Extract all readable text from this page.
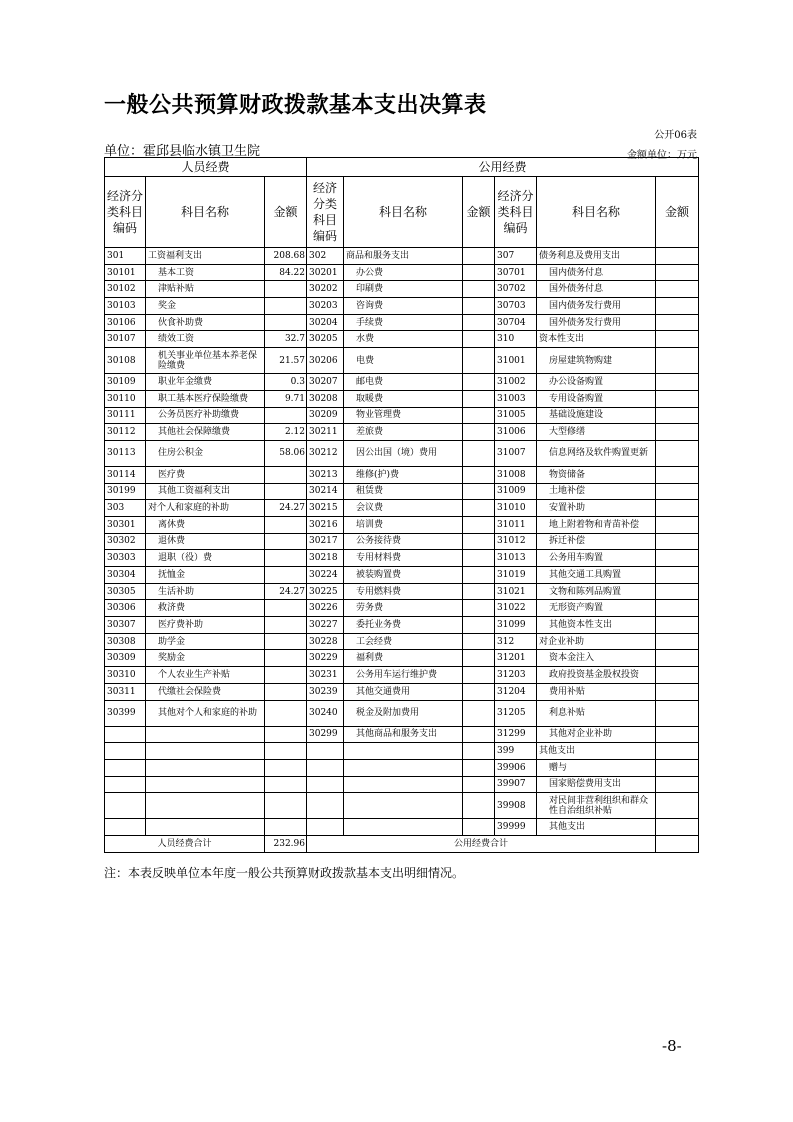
一般公共预算财政拨款基本支出决算表
公开06表
单位：霍邱县临水镇卫生院	金额单位：万元
人员经费			公用经费					
经济分类科目编码	科目名称	金额	经济分类科目编码	科目名称	金额	经济分类科目编码	科目名称	金额
301	工资福利支出	208.68	302	商品和服务支出		307	债务利息及费用支出	
30101	基本工资	84.22	30201	办公费		30701	国内债务付息	
30102	津贴补贴		30202	印刷费		30702	国外债务付息	
30103	奖金		30203	咨询费		30703	国内债务发行费用	
30106	伙食补助费		30204	手续费		30704	国外债务发行费用	
30107	绩效工资	32.7	30205	水费		310	资本性支出	
30108	机关事业单位基本养老保险缴费	21.57	30206	电费		31001	房屋建筑物购建	
30109	职业年金缴费	0.3	30207	邮电费		31002	办公设备购置	
30110	职工基本医疗保险缴费	9.71	30208	取暖费		31003	专用设备购置	
30111	公务员医疗补助缴费		30209	物业管理费		31005	基础设施建设	
30112	其他社会保障缴费	2.12	30211	差旅费		31006	大型修缮	
30113	住房公积金	58.06	30212	因公出国（境）费用		31007	信息网络及软件购置更新	
30114	医疗费		30213	维修(护)费		31008	物资储备	
30199	其他工资福利支出		30214	租赁费		31009	土地补偿	
303	对个人和家庭的补助	24.27	30215	会议费		31010	安置补助	
30301	离休费		30216	培训费		31011	地上附着物和青苗补偿	
30302	退休费		30217	公务接待费		31012	拆迁补偿	
30303	退职（役）费		30218	专用材料费		31013	公务用车购置	
30304	抚恤金		30224	被装购置费		31019	其他交通工具购置	
30305	生活补助	24.27	30225	专用燃料费		31021	文物和陈列品购置	
30306	救济费		30226	劳务费		31022	无形资产购置	
30307	医疗费补助		30227	委托业务费		31099	其他资本性支出	
30308	助学金		30228	工会经费		312	对企业补助	
30309	奖励金		30229	福利费		31201	资本金注入	
30310	个人农业生产补贴		30231	公务用车运行维护费		31203	政府投资基金股权投资	
30311	代缴社会保险费		30239	其他交通费用		31204	费用补贴	
30399	其他对个人和家庭的补助		30240	税金及附加费用		31205	利息补贴	
			30299	其他商品和服务支出		31299	其他对企业补助	
						399	其他支出	
						39906	赠与	
						39907	国家赔偿费用支出	
						39908	对民间非营利组织和群众性自治组织补贴	
						39999	其他支出	
人员经费合计		232.96	公用经费合计					
注：本表反映单位本年度一般公共预算财政拨款基本支出明细情况。
-8-
